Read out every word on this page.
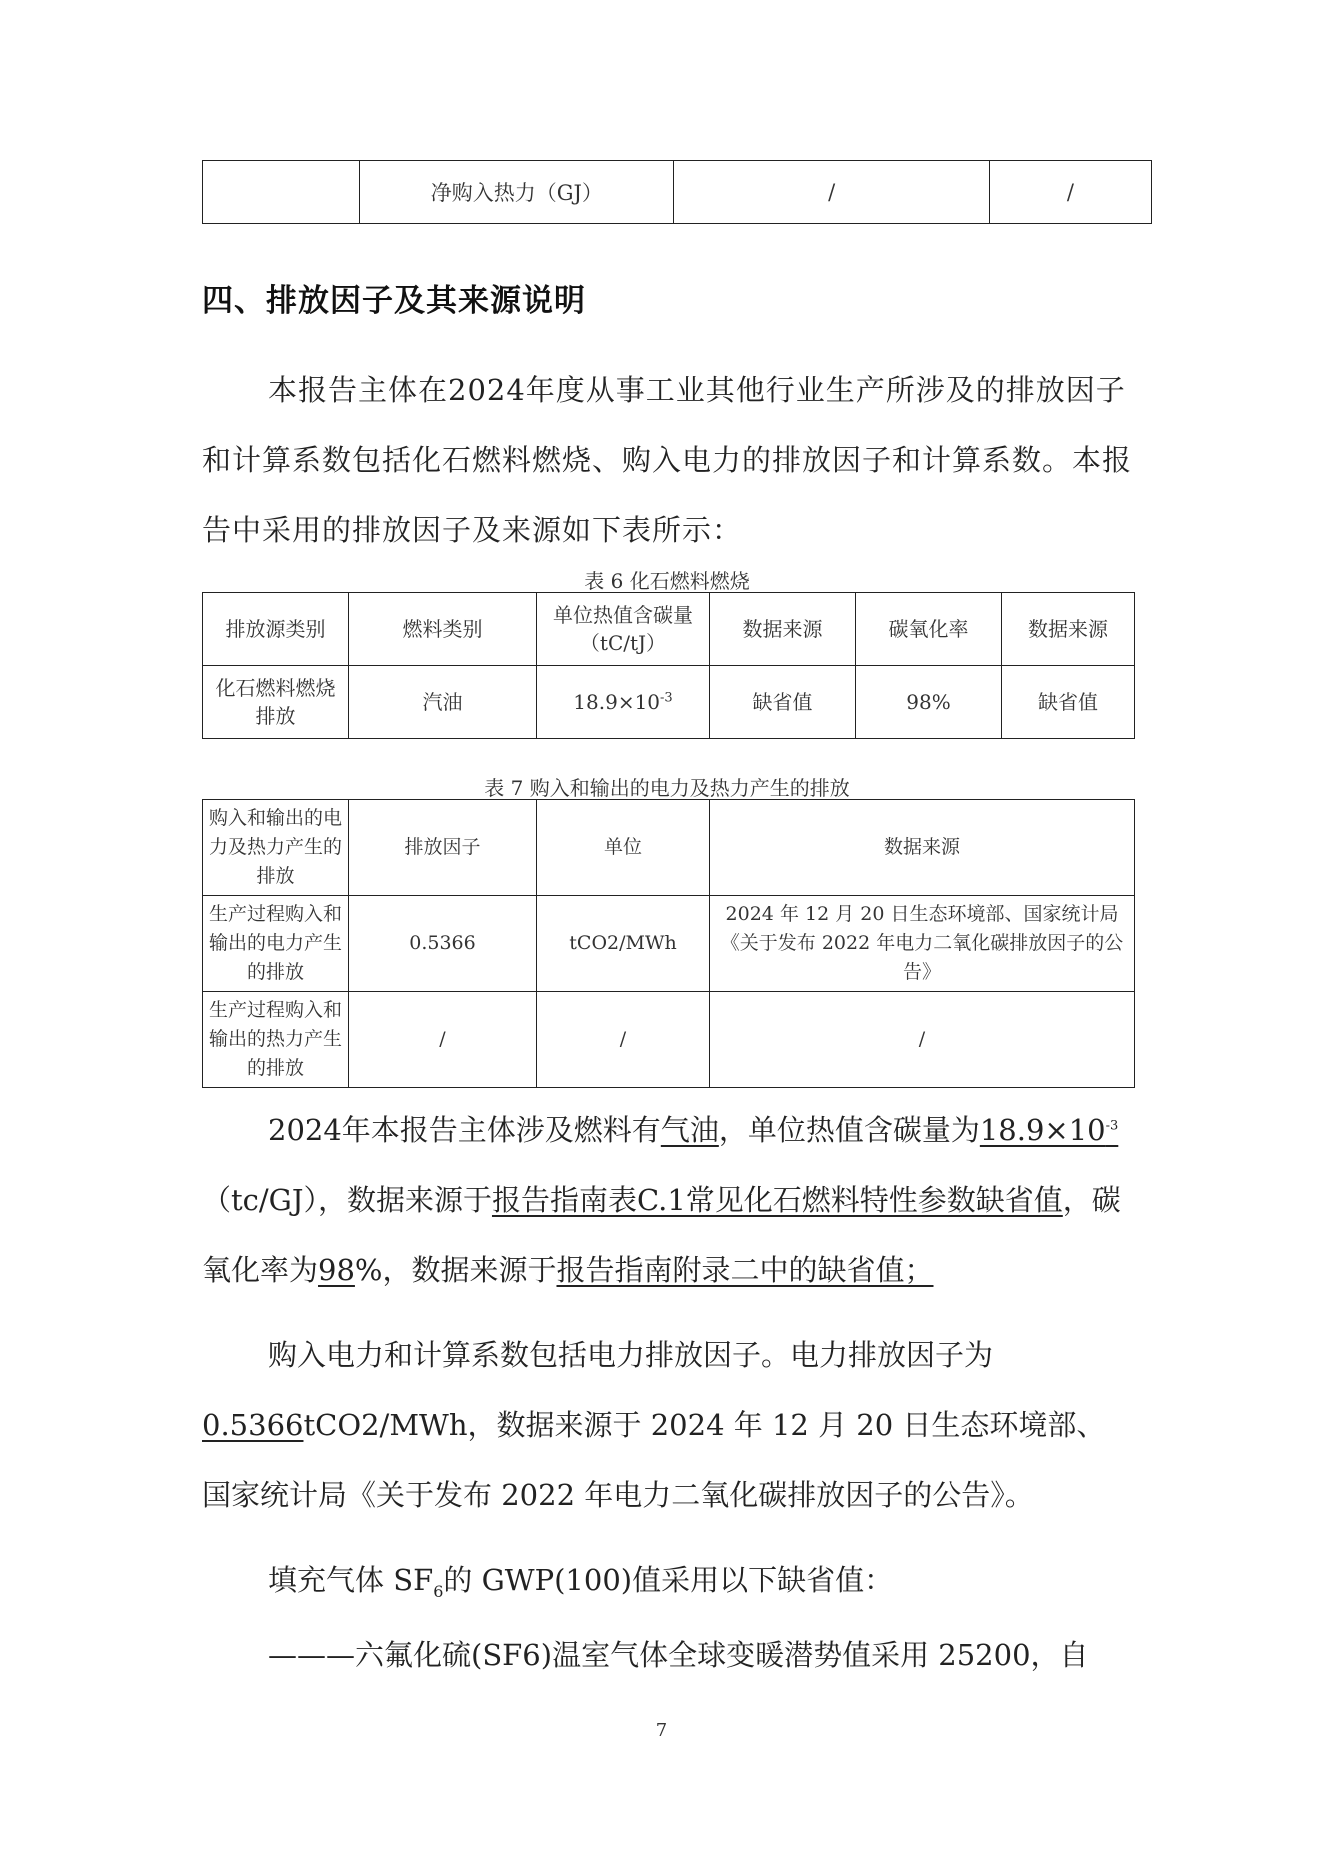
	净购入热力（GJ）	/	/
四、排放因子及其来源说明

本报告主体在2024年度从事工业其他行业生产所涉及的排放因子和计算系数包括化石燃料燃烧、购入电力的排放因子和计算系数。本报告中采用的排放因子及来源如下表所示：

表 6 化石燃料燃烧
排放源类别	燃料类别	单位热值含碳量（tC/tJ）	数据来源	碳氧化率	数据来源
化石燃料燃烧排放	汽油	$18.9\times 10^{-3}$	缺省值	98%	缺省值
表 7 购入和输出的电力及热力产生的排放
购入和输出的电力及热力产生的排放	排放因子	单位	数据来源
生产过程购入和输出的电力产生的排放	0.5366	tCO2/MWh	2024 年 12 月 20 日生态环境部、国家统计局《关于发布 2022 年电力二氧化碳排放因子的公告》
生产过程购入和输出的热力产生的排放	/	/	/

2024年本报告主体涉及燃料有气油，单位热值含碳量为$18.9\times 10^{-3}(tc/GJ)$，数据来源于报告指南表C.1常见化石燃料特性参数缺省值，碳氧化率为98%，数据来源于报告指南附录二中的缺省值；

购入电力和计算系数包括电力排放因子。电力排放因子为0.5366tCO2/MWh，数据来源于 2024 年 12 月 20 日生态环境部、国家统计局《关于发布 2022 年电力二氧化碳排放因子的公告》。

填充气体 $SF_6$的 GWP(100)值采用以下缺省值：

———六氟化硫(SF6)温室气体全球变暖潜势值采用 25200，自

7
